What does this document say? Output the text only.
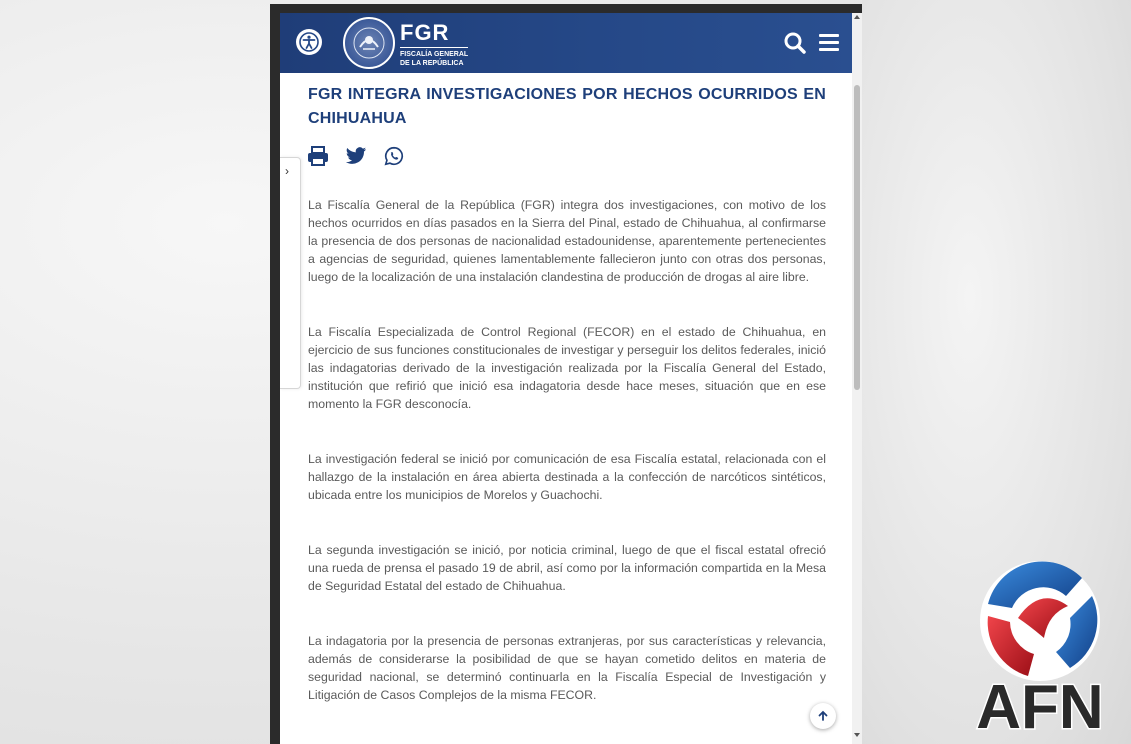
FGR
FISCALÍA GENERAL
DE LA REPÚBLICA
FGR INTEGRA INVESTIGACIONES POR HECHOS OCURRIDOS EN CHIHUAHUA
›

La Fiscalía General de la República (FGR) integra dos investigaciones, con motivo de los hechos ocurridos en días pasados en la Sierra del Pinal, estado de Chihuahua, al confirmarse la presencia de dos personas de nacionalidad estadounidense, aparentemente pertenecientes a agencias de seguridad, quienes lamentablemente fallecieron junto con otras dos personas, luego de la localización de una instalación clandestina de producción de drogas al aire libre.

La Fiscalía Especializada de Control Regional (FECOR) en el estado de Chihuahua, en ejercicio de sus funciones constitucionales de investigar y perseguir los delitos federales, inició las indagatorias derivado de la investigación realizada por la Fiscalía General del Estado, institución que refirió que inició esa indagatoria desde hace meses, situación que en ese momento la FGR desconocía.

La investigación federal se inició por comunicación de esa Fiscalía estatal, relacionada con el hallazgo de la instalación en área abierta destinada a la confección de narcóticos sintéticos, ubicada entre los municipios de Morelos y Guachochi.

La segunda investigación se inició, por noticia criminal, luego de que el fiscal estatal ofreció una rueda de prensa el pasado 19 de abril, así como por la información compartida en la Mesa de Seguridad Estatal del estado de Chihuahua.

La indagatoria por la presencia de personas extranjeras, por sus características y relevancia, además de considerarse la posibilidad de que se hayan cometido delitos en materia de seguridad nacional, se determinó continuarla en la Fiscalía Especial de Investigación y Litigación de Casos Complejos de la misma FECOR.	AFN
